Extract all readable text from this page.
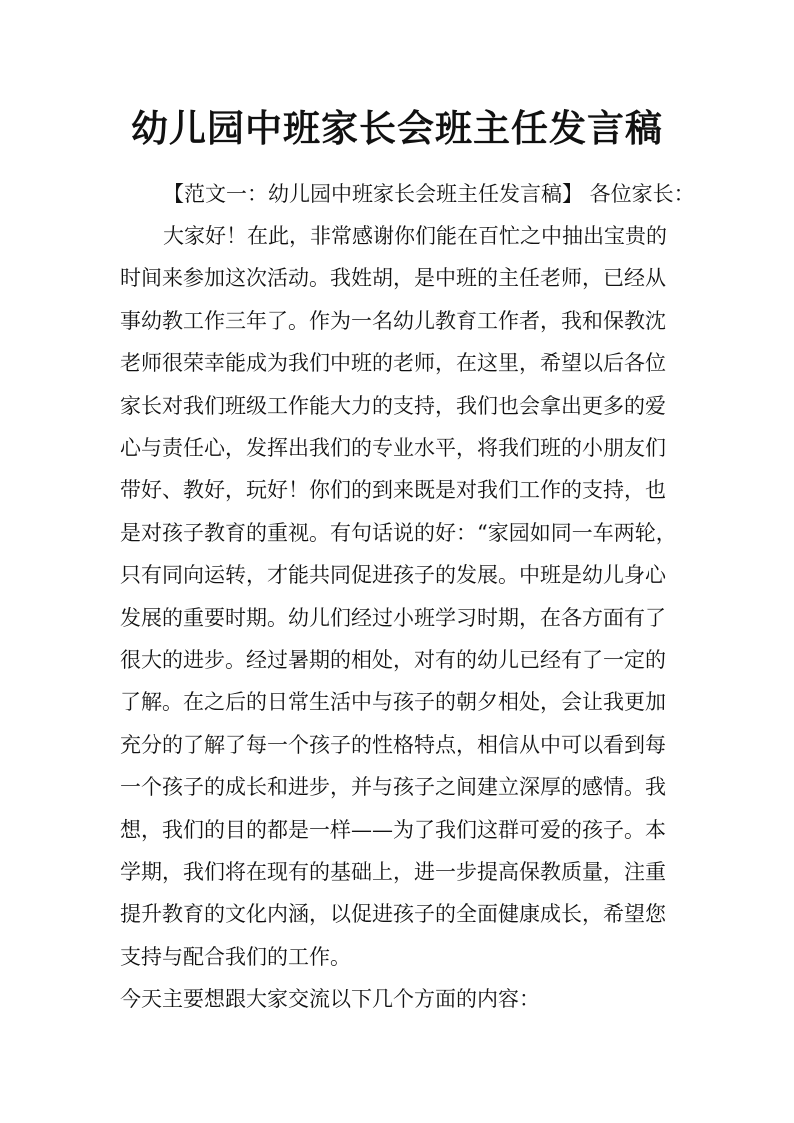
幼儿园中班家长会班主任发言稿

【范文一：幼儿园中班家长会班主任发言稿】 各位家长：

大家好！在此，非常感谢你们能在百忙之中抽出宝贵的

时间来参加这次活动。我姓胡，是中班的主任老师，已经从

事幼教工作三年了。作为一名幼儿教育工作者，我和保教沈

老师很荣幸能成为我们中班的老师，在这里，希望以后各位

家长对我们班级工作能大力的支持，我们也会拿出更多的爱

心与责任心，发挥出我们的专业水平，将我们班的小朋友们

带好、教好，玩好！你们的到来既是对我们工作的支持，也

是对孩子教育的重视。有句话说的好：“家园如同一车两轮，

只有同向运转，才能共同促进孩子的发展。中班是幼儿身心

发展的重要时期。幼儿们经过小班学习时期，在各方面有了

很大的进步。经过暑期的相处，对有的幼儿已经有了一定的

了解。在之后的日常生活中与孩子的朝夕相处，会让我更加

充分的了解了每一个孩子的性格特点，相信从中可以看到每

一个孩子的成长和进步，并与孩子之间建立深厚的感情。我

想，我们的目的都是一样——为了我们这群可爱的孩子。本

学期，我们将在现有的基础上，进一步提高保教质量，注重

提升教育的文化内涵，以促进孩子的全面健康成长，希望您

支持与配合我们的工作。

今天主要想跟大家交流以下几个方面的内容：
